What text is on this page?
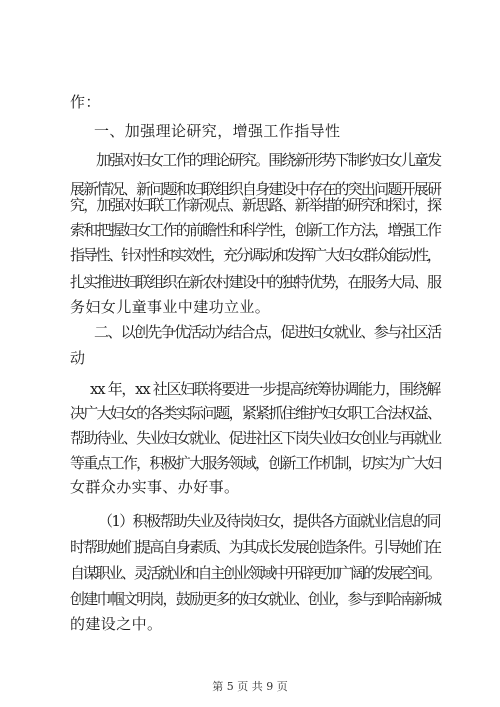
作：
一、加强理论研究，增强工作指导性
加强对妇女工作的理论研究。围绕新形势下制约妇女儿童发
展新情况、新问题和妇联组织自身建设中存在的突出问题开展研
究，加强对妇联工作新观点、新思路、新举措的研究和探讨，探
索和把握妇女工作的前瞻性和科学性，创新工作方法，增强工作
指导性、针对性和实效性，充分调动和发挥广大妇女群众能动性，
扎实推进妇联组织在新农村建设中的独特优势，在服务大局、服
务妇女儿童事业中建功立业。
二、以创先争优活动为结合点，促进妇女就业、参与社区活
动
xx 年，xx 社区妇联将要进一步提高统筹协调能力，围绕解
决广大妇女的各类实际问题，紧紧抓住维护妇女职工合法权益、
帮助待业、失业妇女就业、促进社区下岗失业妇女创业与再就业
等重点工作，积极扩大服务领域，创新工作机制，切实为广大妇
女群众办实事、办好事。
（1）积极帮助失业及待岗妇女，提供各方面就业信息的同
时帮助她们提高自身素质、为其成长发展创造条件。引导她们在
自谋职业、灵活就业和自主创业领域中开辟更加广阔的发展空间。
创建巾帼文明岗，鼓励更多的妇女就业、创业，参与到哈南新城
的建设之中。
第 5 页 共 9 页
